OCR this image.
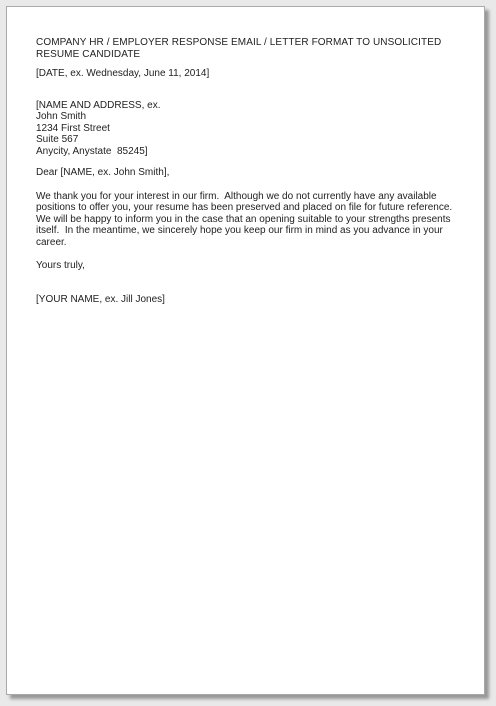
COMPANY HR / EMPLOYER RESPONSE EMAIL / LETTER FORMAT TO UNSOLICITED
RESUME CANDIDATE
[DATE, ex. Wednesday, June 11, 2014]
[NAME AND ADDRESS, ex.
John Smith
1234 First Street
Suite 567
Anycity, Anystate  85245]
Dear [NAME, ex. John Smith],
We thank you for your interest in our firm.  Although we do not currently have any available
positions to offer you, your resume has been preserved and placed on file for future reference.
We will be happy to inform you in the case that an opening suitable to your strengths presents
itself.  In the meantime, we sincerely hope you keep our firm in mind as you advance in your
career.
Yours truly,
[YOUR NAME, ex. Jill Jones]
